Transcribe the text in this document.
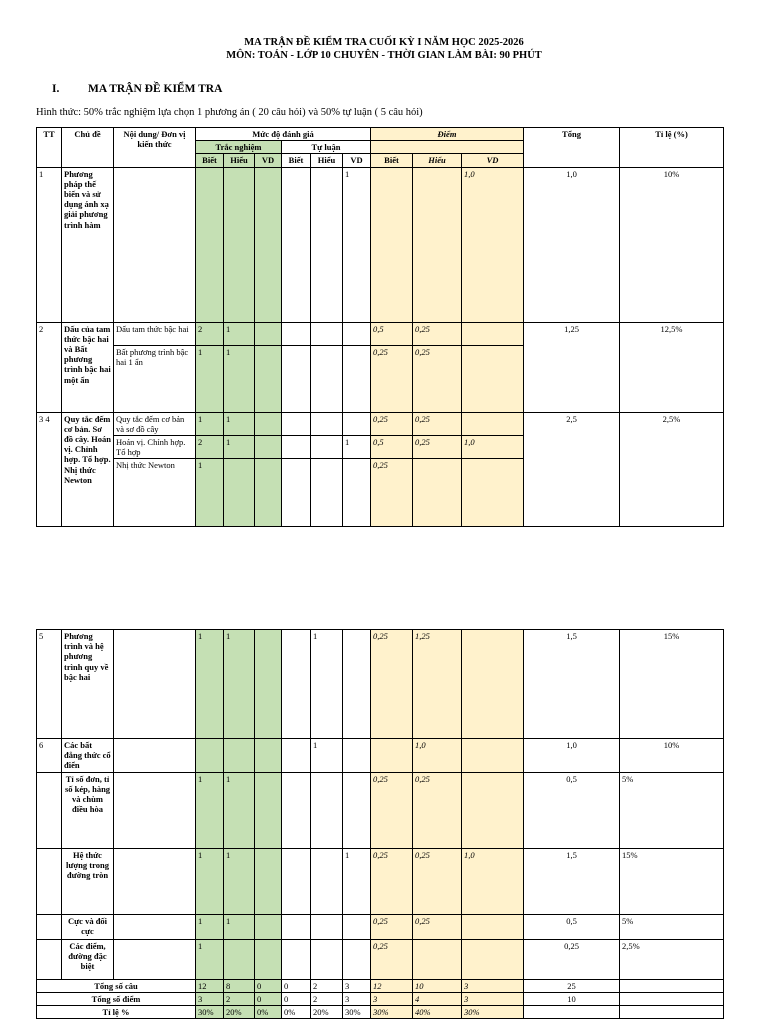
MA TRẬN ĐỀ KIỂM TRA CUỐI KỲ I NĂM HỌC 2025-2026
MÔN: TOÁN - LỚP 10 CHUYÊN - THỜI GIAN LÀM BÀI: 90 PHÚT
I. MA TRẬN ĐỀ KIỂM TRA
Hình thức: 50% trắc nghiệm lựa chọn 1 phương án ( 20 câu hỏi) và 50% tự luận ( 5 câu hỏi)
TT	Chủ đề	Nội dung/ Đơn vị kiến thức	Mức độ đánh giá						Điểm			Tổng	Tỉ lệ (%)
			Trắc nghiệm			Tự luận							
			Biết	Hiểu	VD	Biết	Hiểu	VD	Biết	Hiểu	VD		
1	Phương pháp thế biến và sử dụng ánh xạ giải phương trình hàm							1			1,0	1,0	10%
2	Dấu của tam thức bậc hai và Bất phương trình bậc hai một ẩn	Dấu tam thức bậc hai	2	1					0,5	0,25		1,25	12,5%
		Bất phương trình bậc hai 1 ẩn	1	1					0,25	0,25			
3 4	Quy tắc đếm cơ bản. Sơ đồ cây. Hoán vị. Chỉnh hợp. Tổ hợp. Nhị thức Newton	Quy tắc đếm cơ bản và sơ đồ cây	1	1					0,25	0,25		2,5	2,5%
		Hoán vị. Chỉnh hợp. Tổ hợp	2	1				1	0,5	0,25	1,0		
		Nhị thức Newton	1						0,25				
5	Phương trình và hệ phương trình quy về bậc hai		1	1			1		0,25	1,25		1,5	15%
6	Các bất đẳng thức cổ điển						1			1,0		1,0	10%
	Tỉ số đơn, tỉ số kép, hàng và chùm điều hòa		1	1					0,25	0,25		0,5	5%
	Hệ thức lượng trong đường tròn		1	1				1	0,25	0,25	1,0	1,5	15%
	Cực và đối cực		1	1					0,25	0,25		0,5	5%
	Các điểm, đường đặc biệt		1						0,25			0,25	2,5%
Tổng số câu			12	8	0	0	2	3	12	10	3	25	
Tổng số điểm			3	2	0	0	2	3	3	4	3	10	
Tỉ lệ %			30%	20%	0%	0%	20%	30%	30%	40%	30%		
